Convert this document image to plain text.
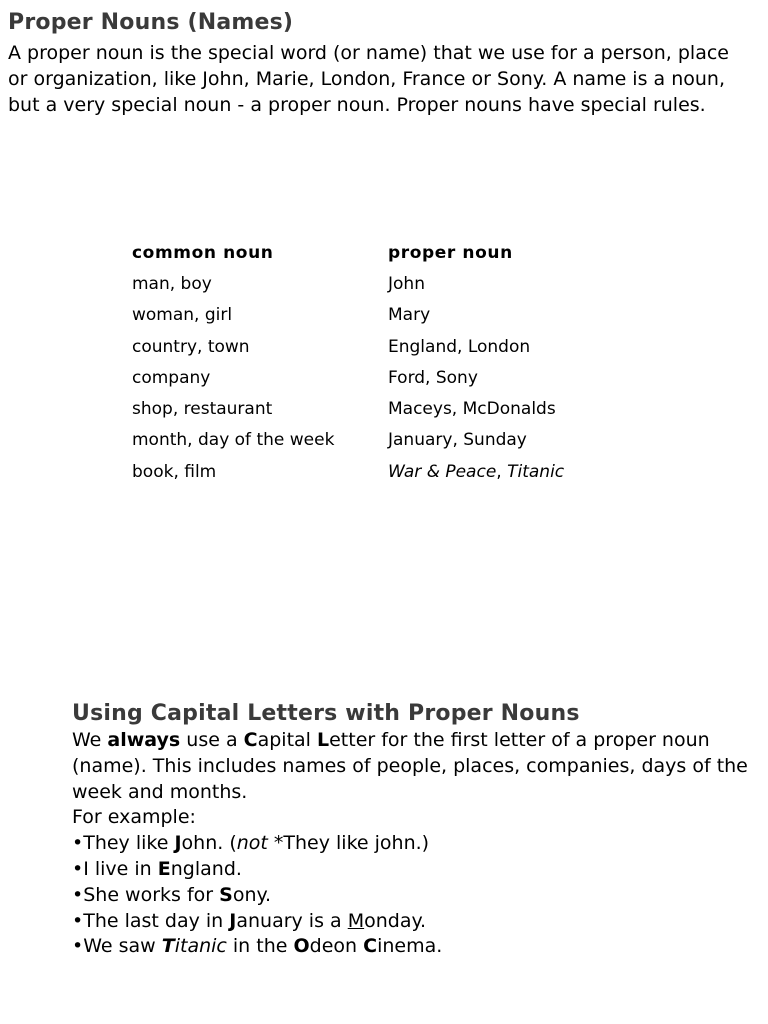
Proper Nouns (Names)

A proper noun is the special word (or name) that we use for a person, place or organization, like John, Marie, London, France or Sony. A name is a noun, but a very special noun - a proper noun. Proper nouns have special rules.

common noun	proper noun
man, boy	John
woman, girl	Mary
country, town	England, London
company	Ford, Sony
shop, restaurant	Maceys, McDonalds
month, day of the week	January, Sunday
book, film	War & Peace, Titanic
Using Capital Letters with Proper Nouns

We always use a Capital Letter for the first letter of a proper noun (name). This includes names of people, places, companies, days of the week and months.

For example:

•They like John. (not *They like john.)

•I live in England.

•She works for Sony.

•The last day in January is a Monday.

•We saw Titanic in the Odeon Cinema.
